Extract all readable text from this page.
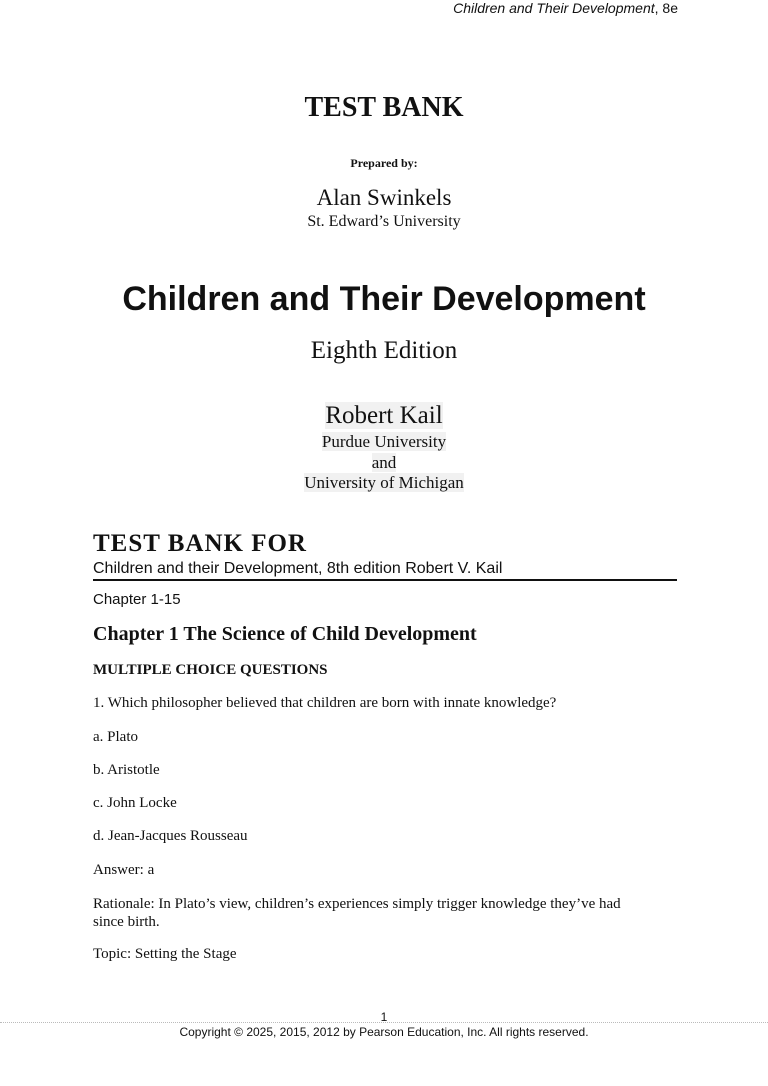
Children and Their Development, 8e
TEST BANK
Prepared by:
Alan Swinkels
St. Edward’s University
Children and Their Development
Eighth Edition
Robert Kail
Purdue University
and
University of Michigan
TEST BANK FOR
Children and their Development, 8th edition Robert V. Kail
Chapter 1-15
Chapter 1 The Science of Child Development
MULTIPLE CHOICE QUESTIONS
1. Which philosopher believed that children are born with innate knowledge?
a. Plato
b. Aristotle
c. John Locke
d. Jean-Jacques Rousseau
Answer: a
Rationale: In Plato’s view, children’s experiences simply trigger knowledge they’ve had since birth.
Topic: Setting the Stage
1
Copyright © 2025, 2015, 2012 by Pearson Education, Inc. All rights reserved.
